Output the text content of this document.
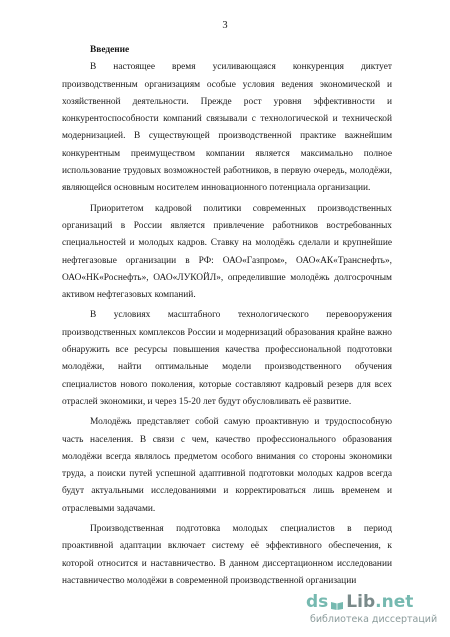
3

Введение

В настоящее время усиливающаяся конкуренция диктует производственным организациям особые условия ведения экономической и хозяйственной деятельности. Прежде рост уровня эффективности и конкурентоспособности компаний связывали с технологической и технической модернизацией. В существующей производственной практике важнейшим конкурентным преимуществом компании является максимально полное использование трудовых возможностей работников, в первую очередь, молодёжи, являющейся основным носителем инновационного потенциала организации.

Приоритетом кадровой политики современных производственных организаций в России является привлечение работников востребованных специальностей и молодых кадров. Ставку на молодёжь сделали и крупнейшие нефтегазовые организации в РФ: ОАО«Газпром», ОАО«АК«Транснефть», ОАО«НК«Роснефть», ОАО«ЛУКОЙЛ», определившие молодёжь долгосрочным активом нефтегазовых компаний.

В условиях масштабного технологического перевооружения производственных комплексов России и модернизаций образования крайне важно обнаружить все ресурсы повышения качества профессиональной подготовки молодёжи, найти оптимальные модели производственного обучения специалистов нового поколения, которые составляют кадровый резерв для всех отраслей экономики, и через 15-20 лет будут обусловливать её развитие.

Молодёжь представляет собой самую проактивную и трудоспособную часть населения. В связи с чем, качество профессионального образования молодёжи всегда являлось предметом особого внимания со стороны экономики труда, а поиски путей успешной адаптивной подготовки молодых кадров всегда будут актуальными исследованиями и корректироваться лишь временем и отраслевыми задачами.

Производственная подготовка молодых специалистов в период проактивной адаптации включает систему её эффективного обеспечения, к которой относится и наставничество. В данном диссертационном исследовании наставничество молодёжи в современной производственной организации

ds Lib .net
библиотека диссертаций
